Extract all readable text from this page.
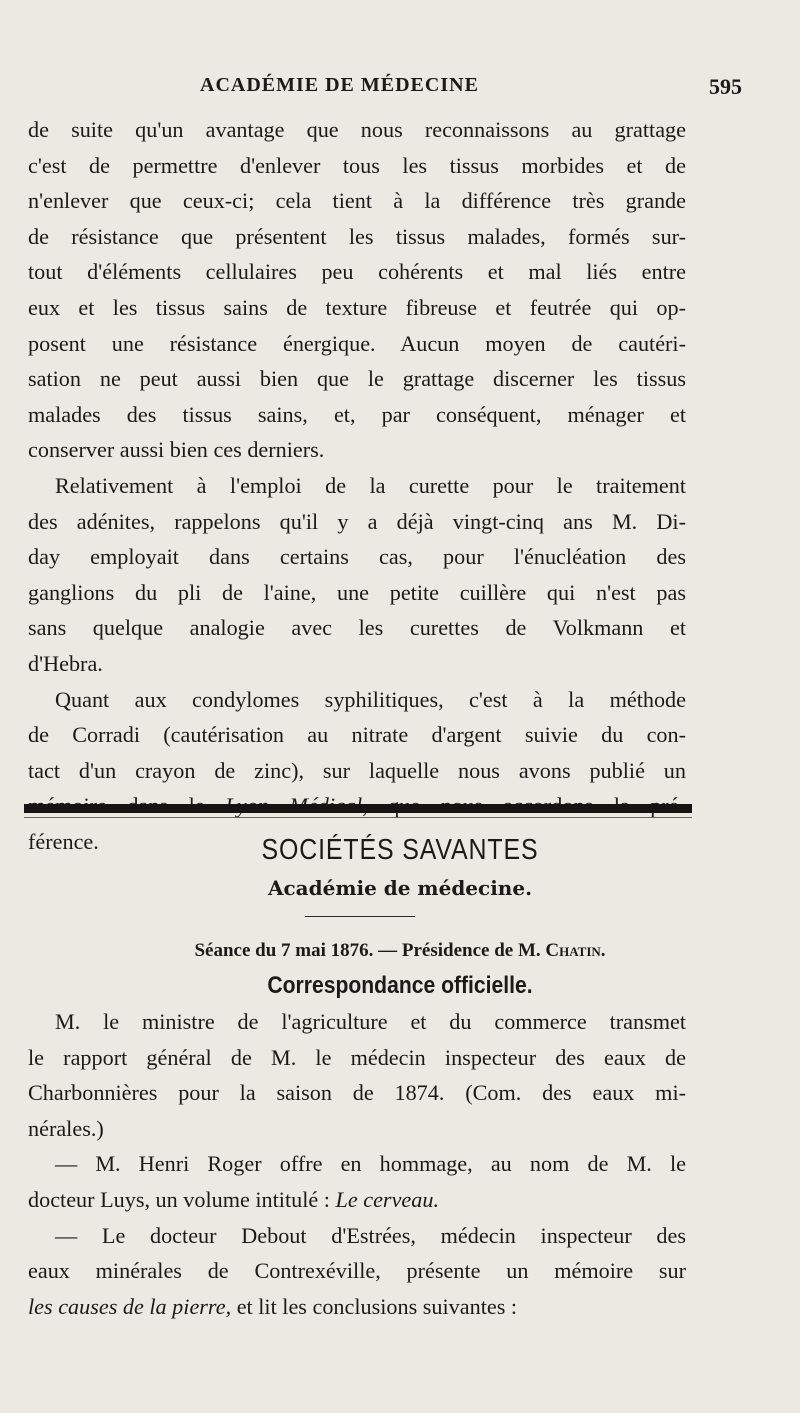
ACADÉMIE DE MÉDECINE	595
de suite qu'un avantage que nous reconnaissons au grattage
c'est de permettre d'enlever tous les tissus morbides et de
n'enlever que ceux-ci; cela tient à la différence très grande
de résistance que présentent les tissus malades, formés sur-
tout d'éléments cellulaires peu cohérents et mal liés entre
eux et les tissus sains de texture fibreuse et feutrée qui op-
posent une résistance énergique. Aucun moyen de cautéri-
sation ne peut aussi bien que le grattage discerner les tissus
malades des tissus sains, et, par conséquent, ménager et
conserver aussi bien ces derniers.
Relativement à l'emploi de la curette pour le traitement
des adénites, rappelons qu'il y a déjà vingt-cinq ans M. Di-
day employait dans certains cas, pour l'énucléation des
ganglions du pli de l'aine, une petite cuillère qui n'est pas
sans quelque analogie avec les curettes de Volkmann et
d'Hebra.
Quant aux condylomes syphilitiques, c'est à la méthode
de Corradi (cautérisation au nitrate d'argent suivie du con-
tact d'un crayon de zinc), sur laquelle nous avons publié un
férence.	SOCIÉTÉS SAVANTES
Académie de médecine.
Séance du 7 mai 1876. — Présidence de M. Chatin.
Correspondance officielle.
M. le ministre de l'agriculture et du commerce transmet
le rapport général de M. le médecin inspecteur des eaux de
Charbonnières pour la saison de 1874. (Com. des eaux mi-
nérales.)
— M. Henri Roger offre en hommage, au nom de M. le
docteur Luys, un volume intitulé : Le cerveau.
— Le docteur Debout d'Estrées, médecin inspecteur des
eaux minérales de Contrexéville, présente un mémoire sur
les causes de la pierre, et lit les conclusions suivantes :
